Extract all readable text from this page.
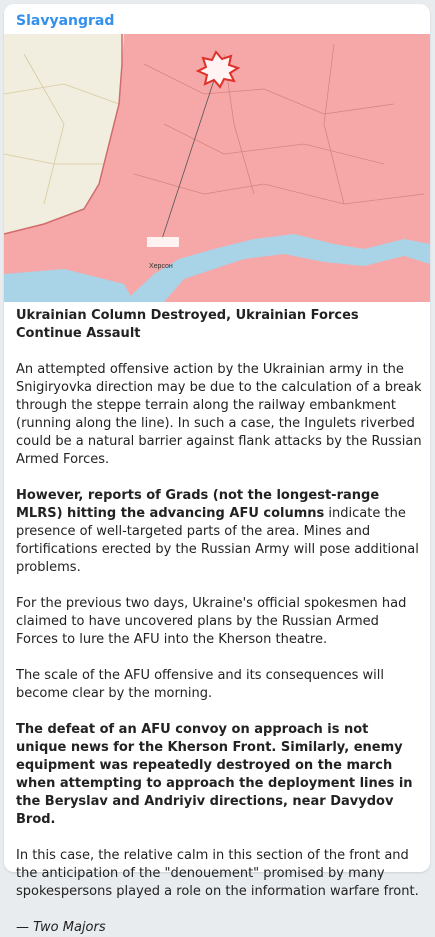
Slavyangrad
Херсон

Ukrainian Column Destroyed, Ukrainian Forces Continue Assault

An attempted offensive action by the Ukrainian army in the Snigiryovka direction may be due to the calculation of a break through the steppe terrain along the railway embankment (running along the line). In such a case, the Ingulets riverbed could be a natural barrier against flank attacks by the Russian Armed Forces.

However, reports of Grads (not the longest-range MLRS) hitting the advancing AFU columns indicate the presence of well-targeted parts of the area. Mines and fortifications erected by the Russian Army will pose additional problems.

For the previous two days, Ukraine's official spokesmen had claimed to have uncovered plans by the Russian Armed Forces to lure the AFU into the Kherson theatre.

The scale of the AFU offensive and its consequences will become clear by the morning.

The defeat of an AFU convoy on approach is not unique news for the Kherson Front. Similarly, enemy equipment was repeatedly destroyed on the march when attempting to approach the deployment lines in the Beryslav and Andriyiv directions, near Davydov Brod.

In this case, the relative calm in this section of the front and the anticipation of the "denouement" promised by many spokespersons played a role on the information warfare front.

— Two Majors
